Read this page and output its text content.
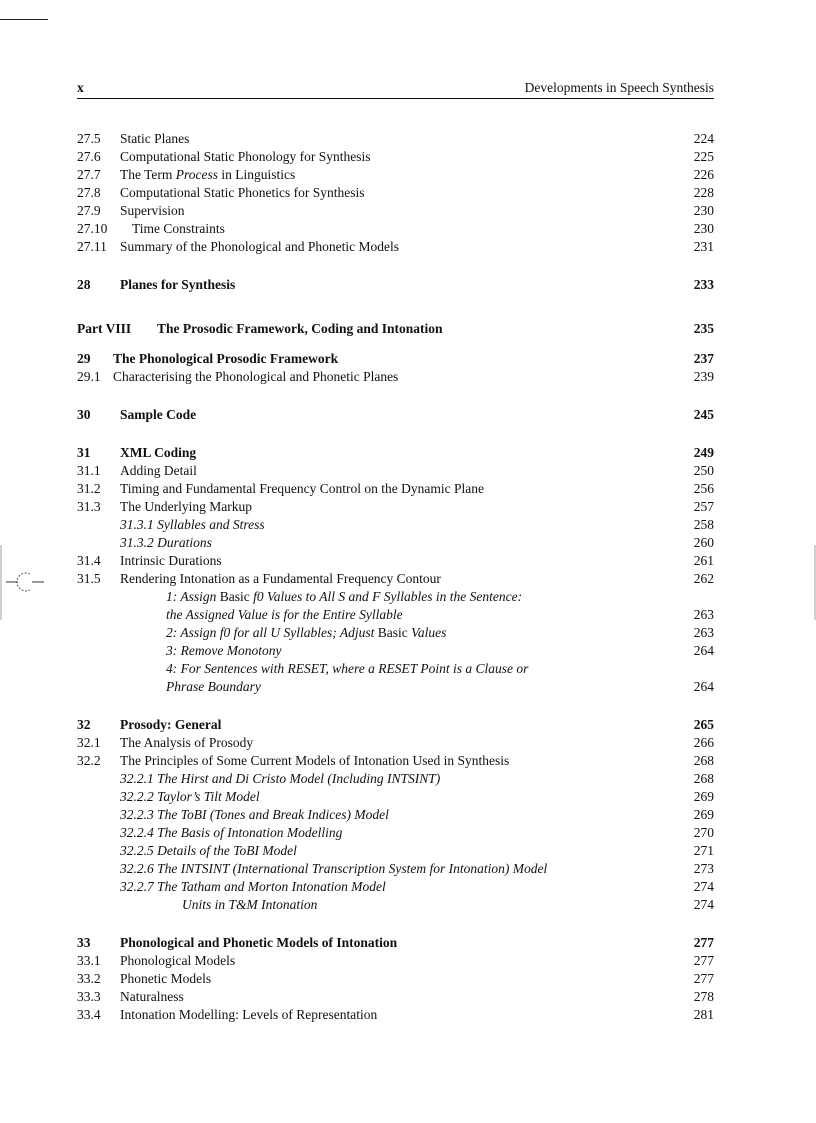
x	Developments in Speech Synthesis
27.5 Static Planes	224
27.6 Computational Static Phonology for Synthesis	225
27.7 The Term Process in Linguistics	226
27.8 Computational Static Phonetics for Synthesis	228
27.9 Supervision	230
27.10 Time Constraints	230
27.11 Summary of the Phonological and Phonetic Models	231
28 Planes for Synthesis	233
Part VIII The Prosodic Framework, Coding and Intonation	235
29 The Phonological Prosodic Framework	237
29.1 Characterising the Phonological and Phonetic Planes	239
30 Sample Code	245
31 XML Coding	249
31.1 Adding Detail	250
31.2 Timing and Fundamental Frequency Control on the Dynamic Plane	256
31.3 The Underlying Markup	257
31.3.1 Syllables and Stress	258
31.3.2 Durations	260
31.4 Intrinsic Durations	261
31.5 Rendering Intonation as a Fundamental Frequency Contour	262
1: Assign Basic f0 Values to All S and F Syllables in the Sentence:
the Assigned Value is for the Entire Syllable	263
2: Assign f0 for all U Syllables; Adjust Basic Values	263
3: Remove Monotony	264
4: For Sentences with RESET, where a RESET Point is a Clause or
Phrase Boundary	264
32 Prosody: General	265
32.1 The Analysis of Prosody	266
32.2 The Principles of Some Current Models of Intonation Used in Synthesis	268
32.2.1 The Hirst and Di Cristo Model (Including INTSINT)	268
32.2.2 Taylor’s Tilt Model	269
32.2.3 The ToBI (Tones and Break Indices) Model	269
32.2.4 The Basis of Intonation Modelling	270
32.2.5 Details of the ToBI Model	271
32.2.6 The INTSINT (International Transcription System for Intonation) Model	273
32.2.7 The Tatham and Morton Intonation Model	274
Units in T&M Intonation	274
33 Phonological and Phonetic Models of Intonation	277
33.1 Phonological Models	277
33.2 Phonetic Models	277
33.3 Naturalness	278
33.4 Intonation Modelling: Levels of Representation	281
